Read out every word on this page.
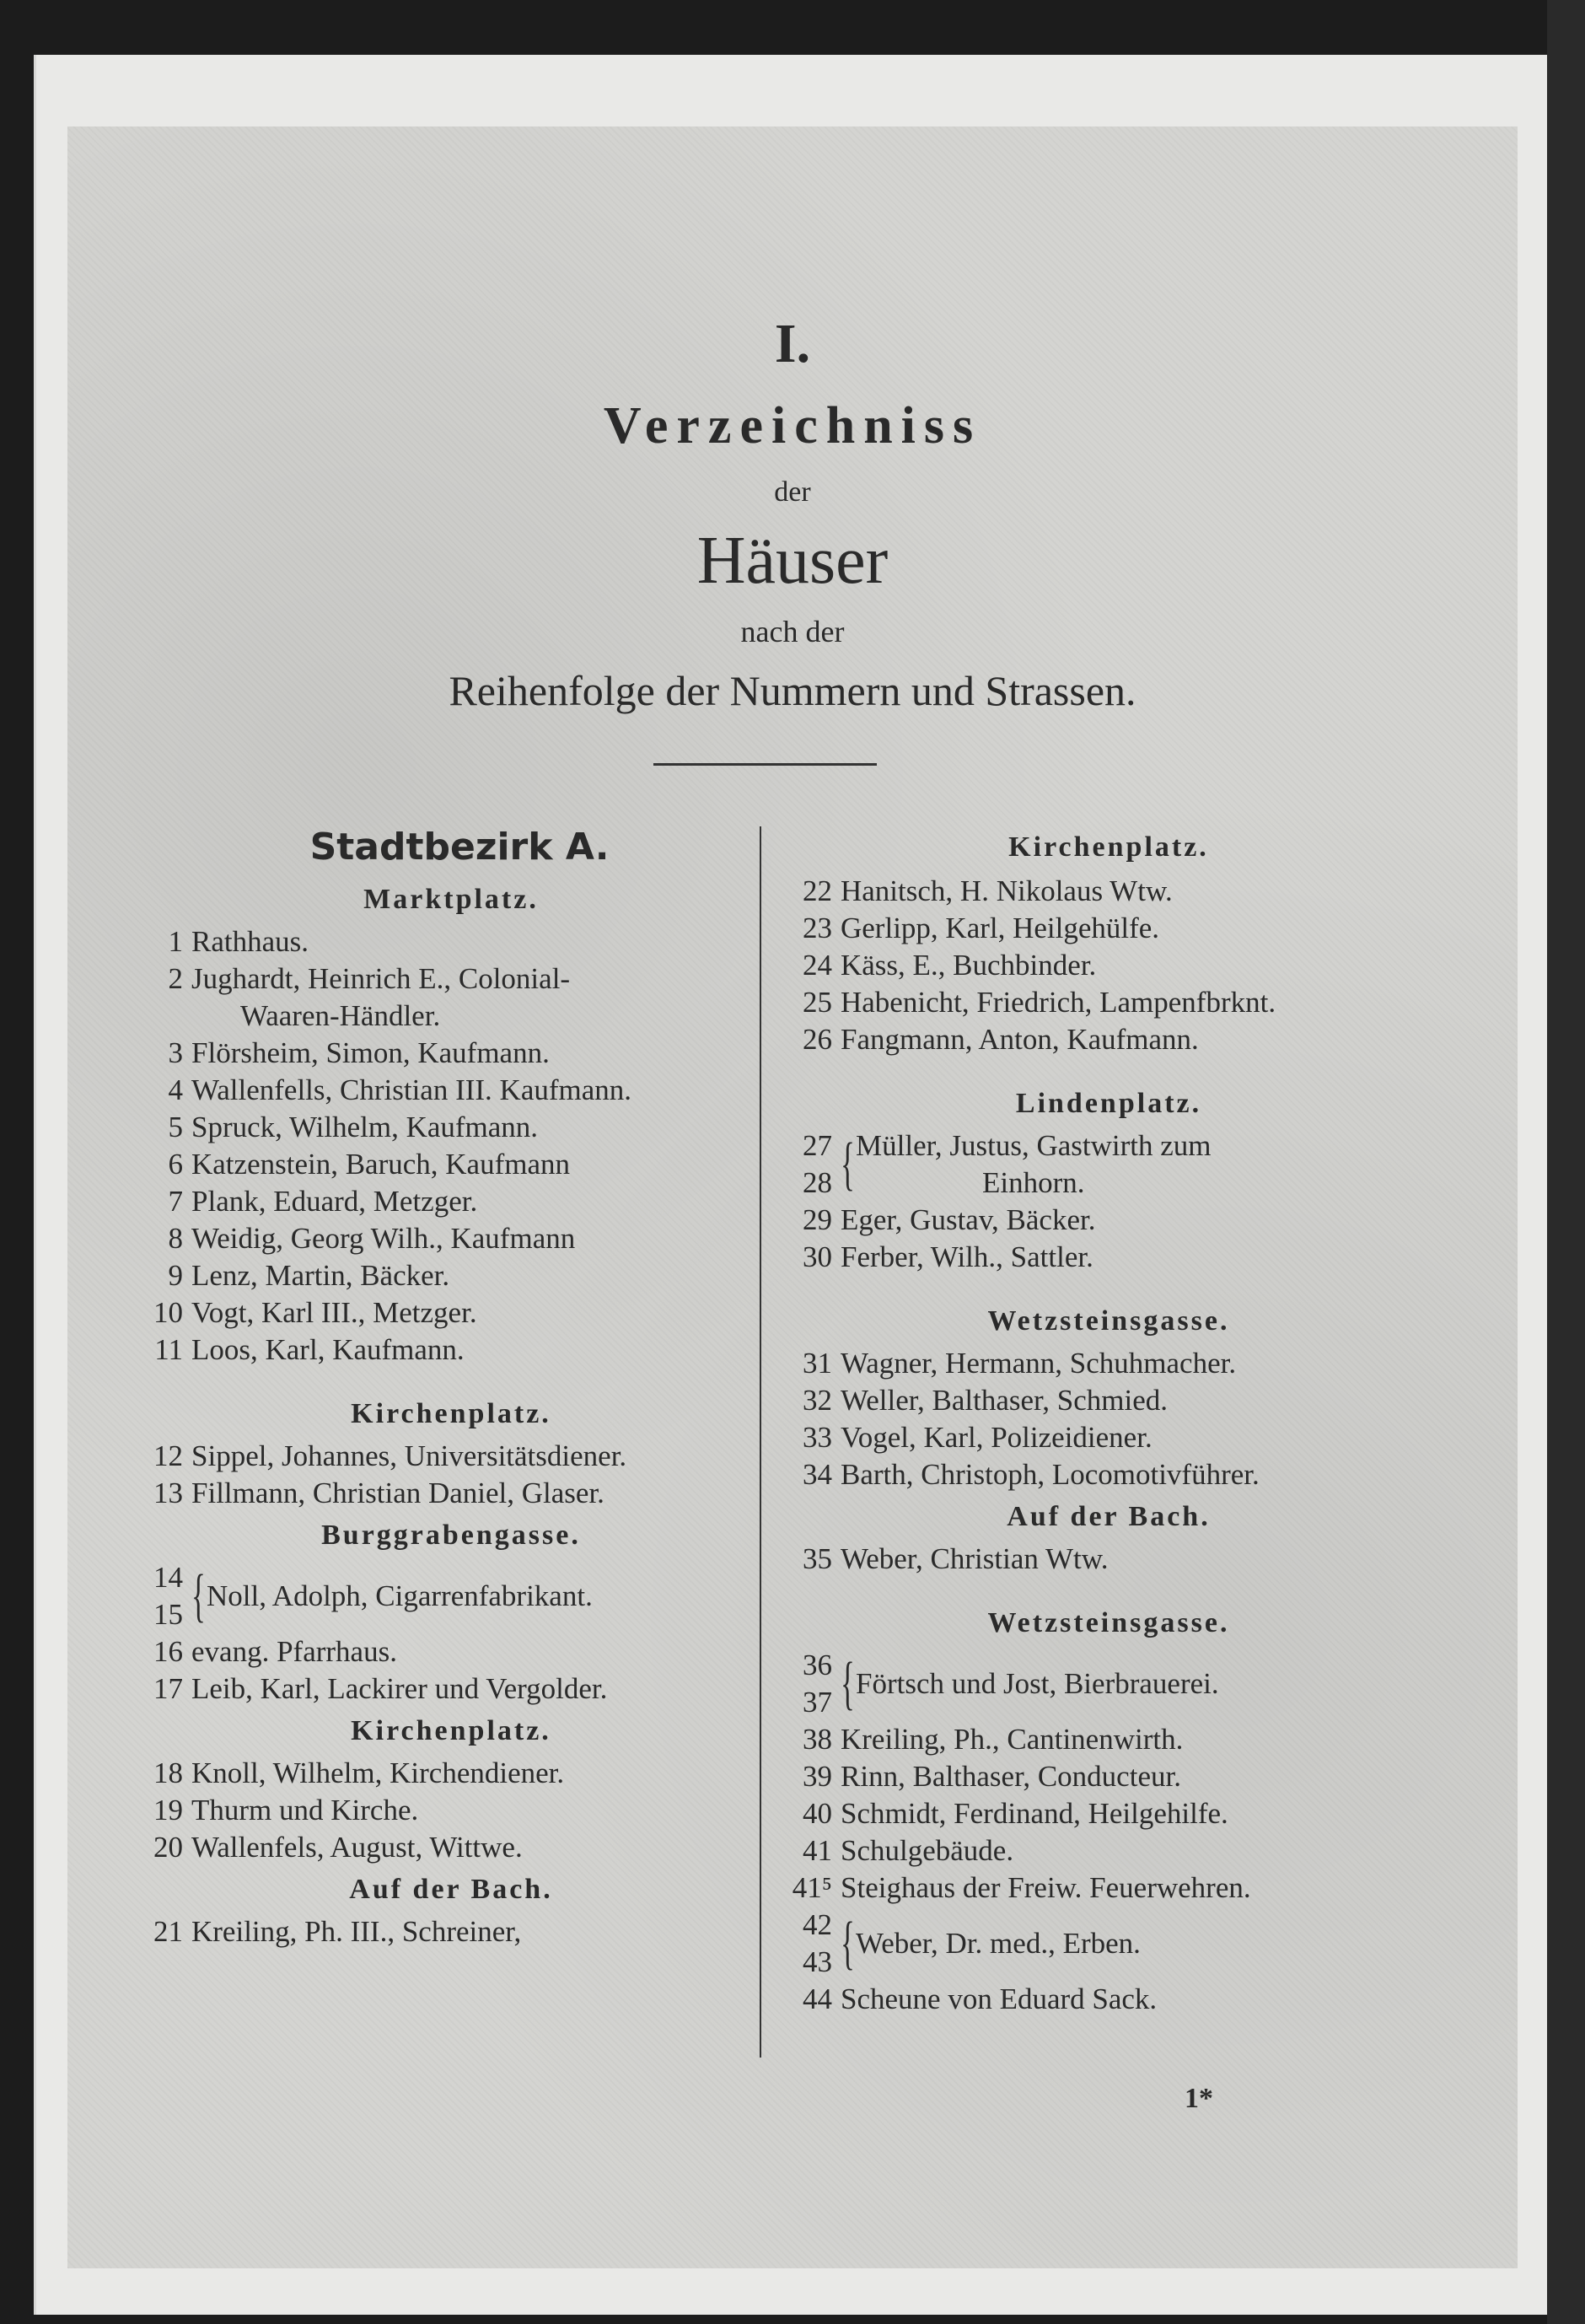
I.
Verzeichniss
der
Häuser
nach der
Reihenfolge der Nummern und Strassen.
Stadtbezirk A.
Marktplatz.
1 Rathhaus.
2 Jughardt, Heinrich E., Colonial-
Waaren-Händler.
3 Flörsheim, Simon, Kaufmann.
4 Wallenfells, Christian III. Kaufmann.
5 Spruck, Wilhelm, Kaufmann.
6 Katzenstein, Baruch, Kaufmann
7 Plank, Eduard, Metzger.
8 Weidig, Georg Wilh., Kaufmann
9 Lenz, Martin, Bäcker.
10 Vogt, Karl III., Metzger.
11 Loos, Karl, Kaufmann.
Kirchenplatz.
12 Sippel, Johannes, Universitätsdiener.
13 Fillmann, Christian Daniel, Glaser.
Burggrabengasse.
14
15 { Noll, Adolph, Cigarrenfabrikant.
16 evang. Pfarrhaus.
17 Leib, Karl, Lackirer und Vergolder.
Kirchenplatz.
18 Knoll, Wilhelm, Kirchendiener.
19 Thurm und Kirche.
20 Wallenfels, August, Wittwe.
Auf der Bach.
21 Kreiling, Ph. III., Schreiner,
Kirchenplatz.
22 Hanitsch, H. Nikolaus Wtw.
23 Gerlipp, Karl, Heilgehülfe.
24 Käss, E., Buchbinder.
25 Habenicht, Friedrich, Lampenfbrknt.
26 Fangmann, Anton, Kaufmann.
Lindenplatz.
27
28 { Müller, Justus, Gastwirth zum
Einhorn.
29 Eger, Gustav, Bäcker.
30 Ferber, Wilh., Sattler.
Wetzsteinsgasse.
31 Wagner, Hermann, Schuhmacher.
32 Weller, Balthaser, Schmied.
33 Vogel, Karl, Polizeidiener.
34 Barth, Christoph, Locomotivführer.
Auf der Bach.
35 Weber, Christian Wtw.
Wetzsteinsgasse.
36
37 { Förtsch und Jost, Bierbrauerei.
38 Kreiling, Ph., Cantinenwirth.
39 Rinn, Balthaser, Conducteur.
40 Schmidt, Ferdinand, Heilgehilfe.
41 Schulgebäude.
41⁵ Steighaus der Freiw. Feuerwehren.
42
43 { Weber, Dr. med., Erben.
44 Scheune von Eduard Sack.
1*
